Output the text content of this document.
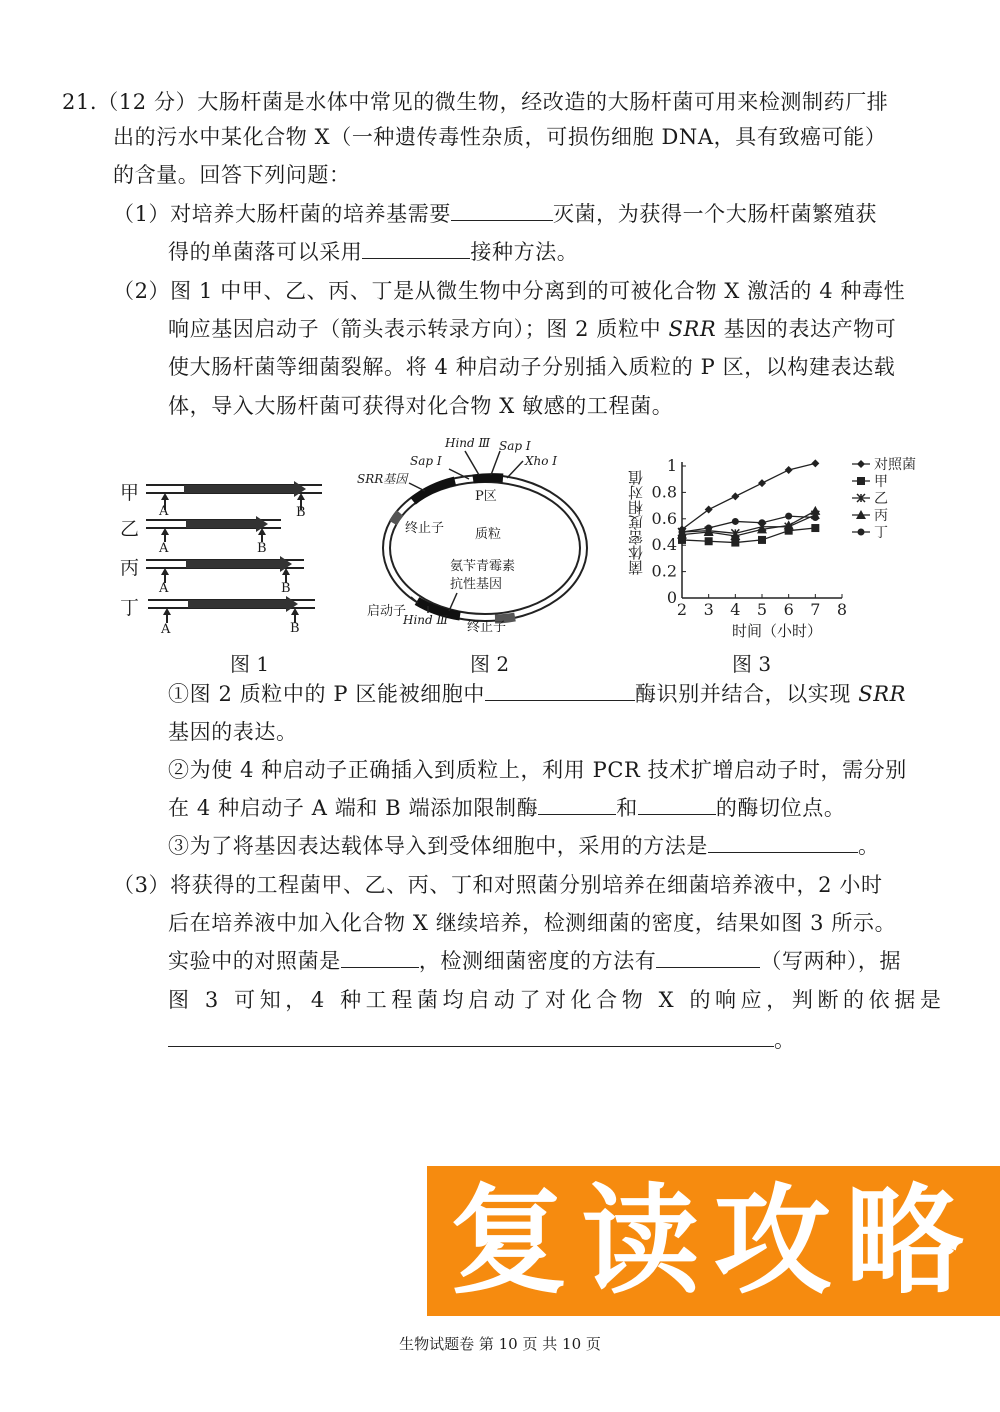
21.（12 分）大肠杆菌是水体中常见的微生物，经改造的大肠杆菌可用来检测制药厂排
出的污水中某化合物 X（一种遗传毒性杂质，可损伤细胞 DNA，具有致癌可能）
的含量。回答下列问题：
（1）对培养大肠杆菌的培养基需要	灭菌，为获得一个大肠杆菌繁殖获
得的单菌落可以采用	接种方法。
（2）图 1 中甲、乙、丙、丁是从微生物中分离到的可被化合物 X 激活的 4 种毒性
响应基因启动子（箭头表示转录方向）；图 2 质粒中 SRR 基因的表达产物可
使大肠杆菌等细菌裂解。将 4 种启动子分别插入质粒的 P 区，以构建表达载
体，导入大肠杆菌可获得对化合物 X 敏感的工程菌。
甲
乙
丙
丁
A	B
A	B
A	B
A	B
图 1
Hind Ⅲ Sap Ⅰ
Sap Ⅰ	Xho Ⅰ
SRR基因
P区
终止子 质粒
氨苄青霉素
抗性基因
启动子
Hind Ⅲ 终止子
图 2
2 3 4 5 6 7 8
0
0.2
0.4
0.6
0.8
1	对照菌
甲
乙
丙
丁
菌体密度相对值
时间（小时）
图 3
①图 2 质粒中的 P 区能被细胞中	酶识别并结合，以实现 SRR
基因的表达。
②为使 4 种启动子正确插入到质粒上，利用 PCR 技术扩增启动子时，需分别
在 4 种启动子 A 端和 B 端添加限制酶	和	的酶切位点。
③为了将基因表达载体导入到受体细胞中，采用的方法是	。
（3）将获得的工程菌甲、乙、丙、丁和对照菌分别培养在细菌培养液中，2 小时
后在培养液中加入化合物 X 继续培养，检测细菌的密度，结果如图 3 所示。
实验中的对照菌是	，检测细菌密度的方法有	（写两种），据
图 3 可知，4 种工程菌均启动了对化合物 X 的响应，判断的依据是
。
复读攻略
生物试题卷 第 10 页 共 10 页
